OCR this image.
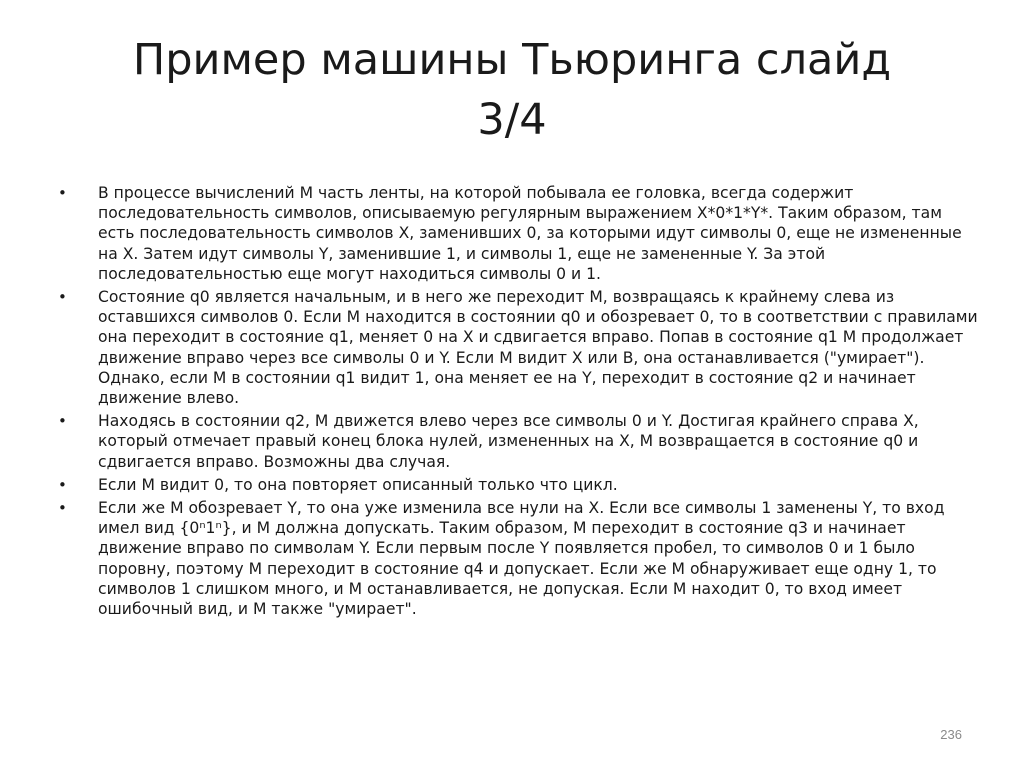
Пример машины Тьюринга слайд
3/4
• В процессе вычислений М часть ленты, на которой побывала ее головка, всегда содержит последовательность символов, описываемую регулярным выражением X*0*1*Y*. Таким образом, там есть последовательность символов X, заменивших 0, за которыми идут символы 0, еще не измененные на X. Затем идут символы Y, заменившие 1, и символы 1, еще не замененные Y. За этой последовательностью еще могут находиться символы 0 и 1.
• Состояние q0 является начальным, и в него же переходит М, возвращаясь к крайнему слева из оставшихся символов 0. Если М находится в состоянии q0 и обозревает 0, то в соответствии с правилами она переходит в состояние q1, меняет 0 на X и сдвигается вправо. Попав в состояние q1 М продолжает движение вправо через все символы 0 и Y. Если М видит X или B, она останавливается ("умирает"). Однако, если М в состоянии q1 видит 1, она меняет ее на Y, переходит в состояние q2 и начинает движение влево.
• Находясь в состоянии q2, М движется влево через все символы 0 и Y. Достигая крайнего справа X, который отмечает правый конец блока нулей, измененных на X, М возвращается в состояние q0 и сдвигается вправо. Возможны два случая.
• Если М видит 0, то она повторяет описанный только что цикл.
• Если же М обозревает Y, то она уже изменила все нули на X. Если все символы 1 заменены Y, то вход имел вид {0ⁿ1ⁿ}, и М должна допускать. Таким образом, М переходит в состояние q3 и начинает движение вправо по символам Y. Если первым после Y появляется пробел, то символов 0 и 1 было поровну, поэтому М переходит в состояние q4 и допускает. Если же М обнаруживает еще одну 1, то символов 1 слишком много, и М останавливается, не допуская. Если М находит 0, то вход имеет ошибочный вид, и М также "умирает".
236
